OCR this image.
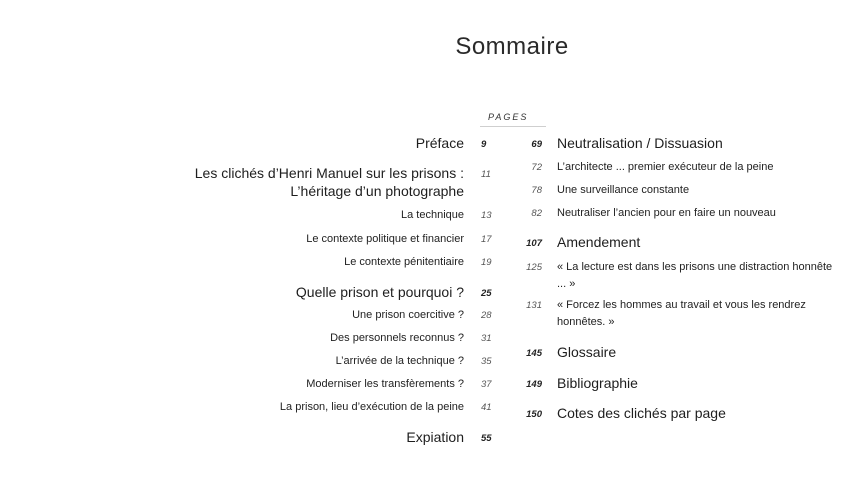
Sommaire
PAGES
Préface 9
Les clichés d’Henri Manuel sur les prisons : 11
L’héritage d’un photographe
La technique 13
Le contexte politique et financier 17
Le contexte pénitentiaire 19
Quelle prison et pourquoi ? 25
Une prison coercitive ? 28
Des personnels reconnus ? 31
L’arrivée de la technique ? 35
Moderniser les transfèrements ? 37
La prison, lieu d’exécution de la peine 41
Expiation 55
69 Neutralisation / Dissuasion
72 L’architecte ... premier exécuteur de la peine
78 Une surveillance constante
82 Neutraliser l’ancien pour en faire un nouveau
107 Amendement
125 « La lecture est dans les prisons une distraction honnête ... »
131 « Forcez les hommes au travail et vous les rendrez honnêtes. »
145 Glossaire
149 Bibliographie
150 Cotes des clichés par page
